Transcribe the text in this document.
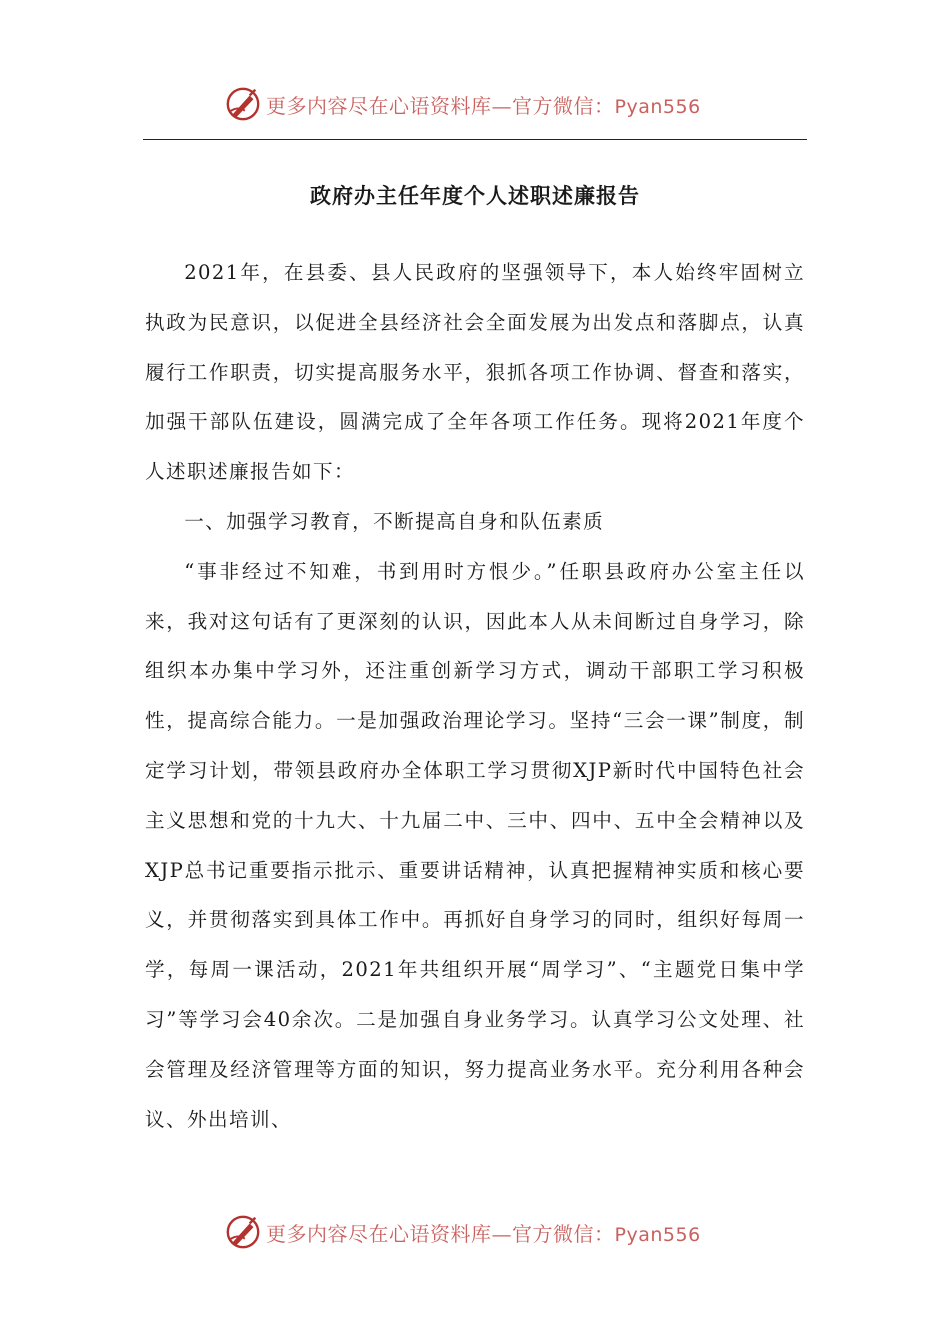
更多内容尽在心语资料库—官方微信：Pyan556
政府办主任年度个人述职述廉报告

2021年，在县委、县人民政府的坚强领导下，本人始终牢固树立执政为民意识，以促进全县经济社会全面发展为出发点和落脚点，认真履行工作职责，切实提高服务水平，狠抓各项工作协调、督查和落实，加强干部队伍建设，圆满完成了全年各项工作任务。现将2021年度个人述职述廉报告如下：

一、加强学习教育，不断提高自身和队伍素质

“事非经过不知难，书到用时方恨少。”任职县政府办公室主任以来，我对这句话有了更深刻的认识，因此本人从未间断过自身学习，除组织本办集中学习外，还注重创新学习方式，调动干部职工学习积极性，提高综合能力。一是加强政治理论学习。坚持“三会一课”制度，制定学习计划，带领县政府办全体职工学习贯彻XJP新时代中国特色社会主义思想和党的十九大、十九届二中、三中、四中、五中全会精神以及XJP总书记重要指示批示、重要讲话精神，认真把握精神实质和核心要义，并贯彻落实到具体工作中。再抓好自身学习的同时，组织好每周一学，每周一课活动，2021年共组织开展“周学习”、“主题党日集中学习”等学习会40余次。二是加强自身业务学习。认真学习公文处理、社会管理及经济管理等方面的知识，努力提高业务水平。充分利用各种会议、外出培训、

更多内容尽在心语资料库—官方微信：Pyan556
